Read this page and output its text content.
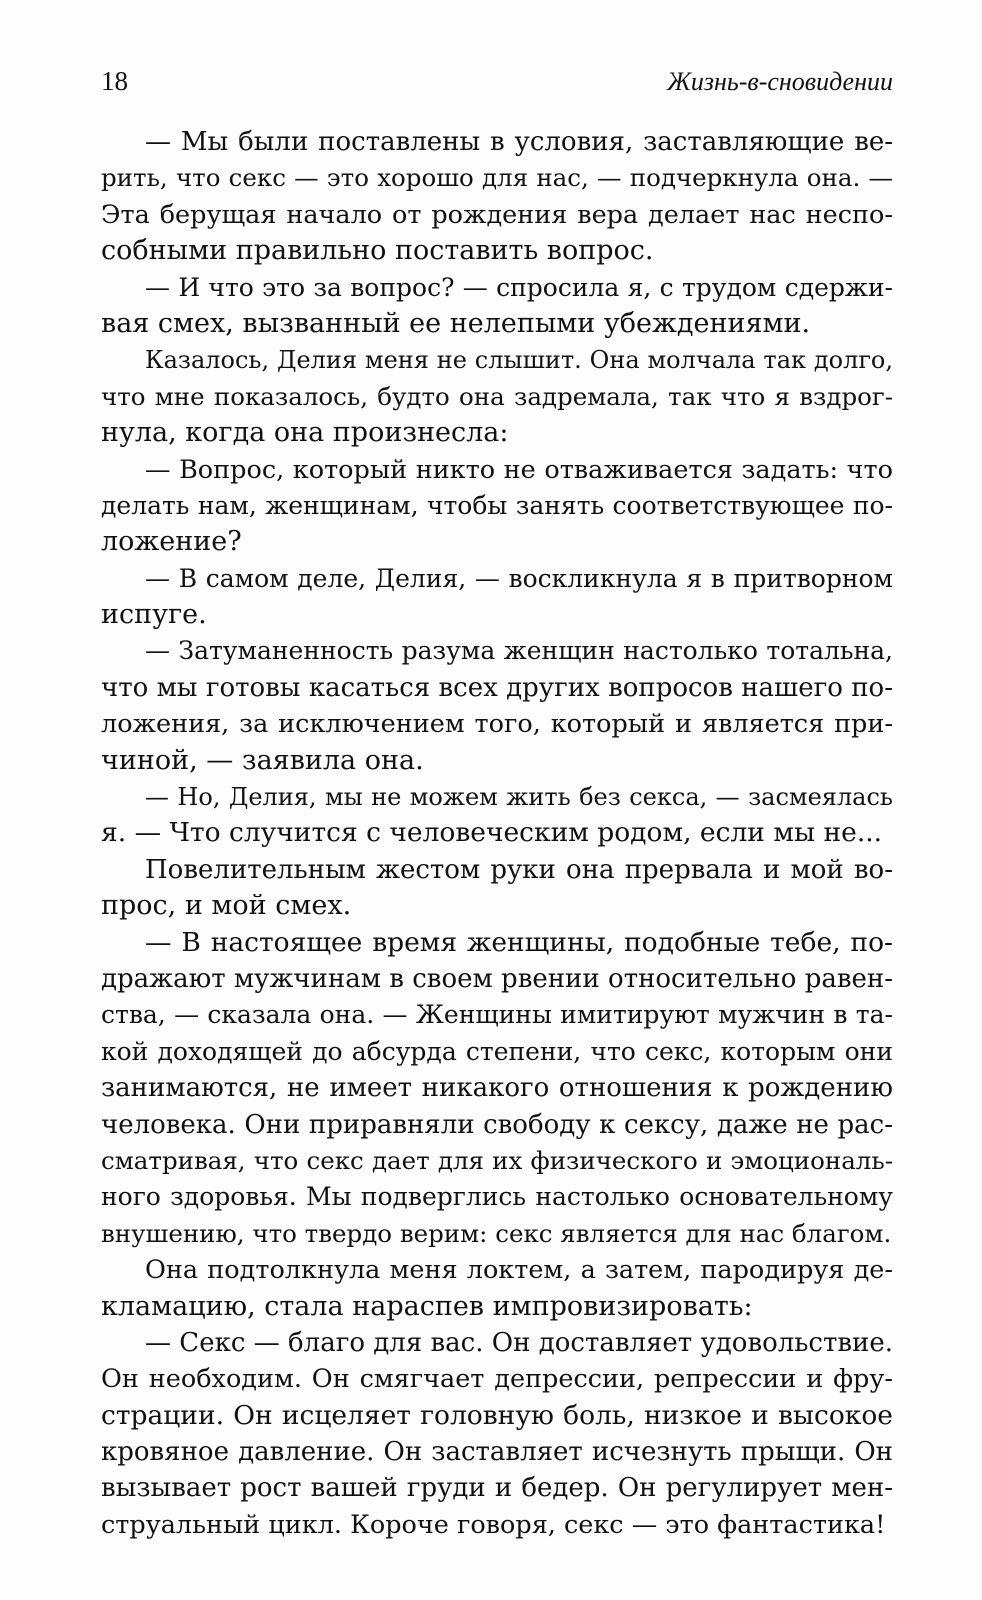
18	Жизнь-в-сновидении
— Мы были поставлены в условия, заставляющие ве-
рить, что секс — это хорошо для нас, — подчеркнула она. —
Эта берущая начало от рождения вера делает нас неспо-
собными правильно поставить вопрос.
— И что это за вопрос? — спросила я, с трудом сдержи-
вая смех, вызванный ее нелепыми убеждениями.
Казалось, Делия меня не слышит. Она молчала так долго,
что мне показалось, будто она задремала, так что я вздрог-
нула, когда она произнесла:
— Вопрос, который никто не отваживается задать: что
делать нам, женщинам, чтобы занять соответствующее по-
ложение?
— В самом деле, Делия, — воскликнула я в притворном
испуге.
— Затуманенность разума женщин настолько тотальна,
что мы готовы касаться всех других вопросов нашего по-
ложения, за исключением того, который и является при-
чиной, — заявила она.
— Но, Делия, мы не можем жить без секса, — засмеялась
я. — Что случится с человеческим родом, если мы не...
Повелительным жестом руки она прервала и мой во-
прос, и мой смех.
— В настоящее время женщины, подобные тебе, по-
дражают мужчинам в своем рвении относительно равен-
ства, — сказала она. — Женщины имитируют мужчин в та-
кой доходящей до абсурда степени, что секс, которым они
занимаются, не имеет никакого отношения к рождению
человека. Они приравняли свободу к сексу, даже не рас-
сматривая, что секс дает для их физического и эмоциональ-
ного здоровья. Мы подверглись настолько основательному
внушению, что твердо верим: секс является для нас благом.
Она подтолкнула меня локтем, а затем, пародируя де-
кламацию, стала нараспев импровизировать:
— Секс — благо для вас. Он доставляет удовольствие.
Он необходим. Он смягчает депрессии, репрессии и фру-
страции. Он исцеляет головную боль, низкое и высокое
кровяное давление. Он заставляет исчезнуть прыщи. Он
вызывает рост вашей груди и бедер. Он регулирует мен-
струальный цикл. Короче говоря, секс — это фантастика!
